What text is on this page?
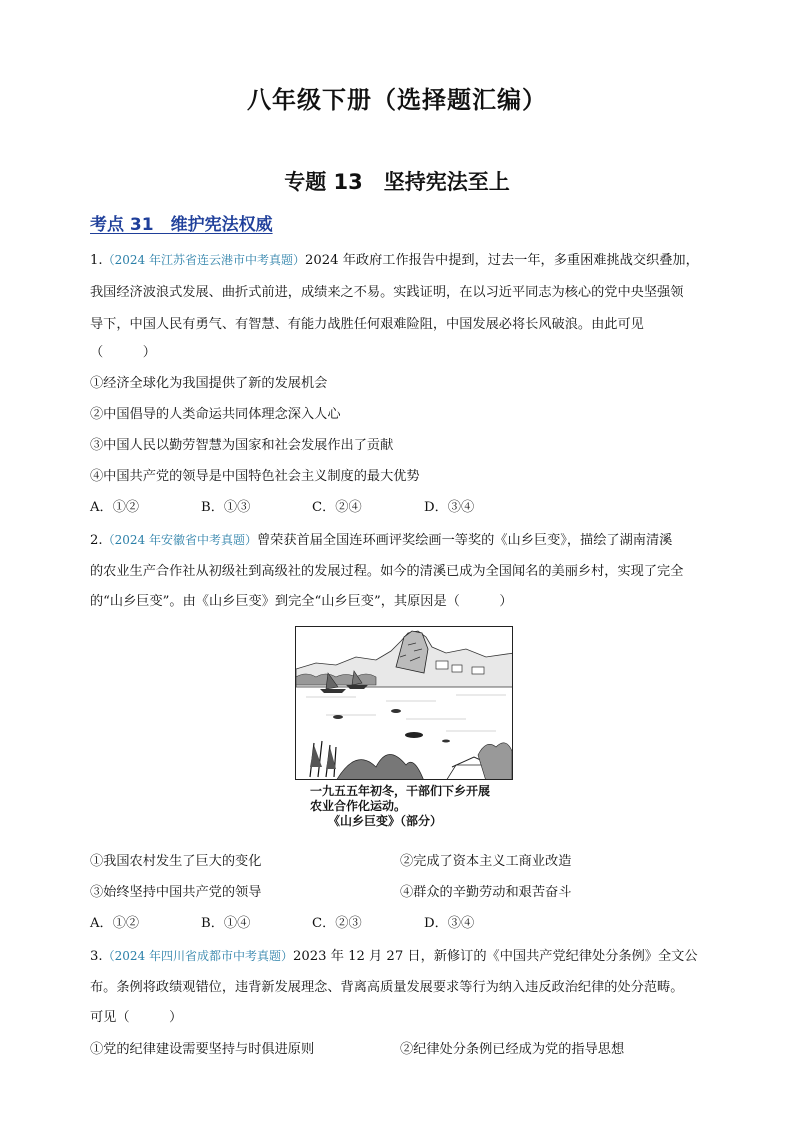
八年级下册（选择题汇编）
专题 13　坚持宪法至上
考点 31　维护宪法权威
1.（2024 年江苏省连云港市中考真题）2024 年政府工作报告中提到，过去一年，多重困难挑战交织叠加，
我国经济波浪式发展、曲折式前进，成绩来之不易。实践证明，在以习近平同志为核心的党中央坚强领
导下，中国人民有勇气、有智慧、有能力战胜任何艰难险阻，中国发展必将长风破浪。由此可见
（　　　）
①经济全球化为我国提供了新的发展机会
②中国倡导的人类命运共同体理念深入人心
③中国人民以勤劳智慧为国家和社会发展作出了贡献
④中国共产党的领导是中国特色社会主义制度的最大优势
A．①②	B．①③	C．②④	D．③④
2.（2024 年安徽省中考真题）曾荣获首届全国连环画评奖绘画一等奖的《山乡巨变》，描绘了湖南清溪
的农业生产合作社从初级社到高级社的发展过程。如今的清溪已成为全国闻名的美丽乡村，实现了完全
的“山乡巨变”。由《山乡巨变》到完全“山乡巨变”，其原因是（　　　）
一九五五年初冬，干部们下乡开展
农业合作化运动。
《山乡巨变》（部分）
①我国农村发生了巨大的变化	②完成了资本主义工商业改造
③始终坚持中国共产党的领导	④群众的辛勤劳动和艰苦奋斗
A．①②	B．①④	C．②③	D．③④
3.（2024 年四川省成都市中考真题）2023 年 12 月 27 日，新修订的《中国共产党纪律处分条例》全文公
布。条例将政绩观错位，违背新发展理念、背离高质量发展要求等行为纳入违反政治纪律的处分范畴。
可见（　　　）
①党的纪律建设需要坚持与时俱进原则	②纪律处分条例已经成为党的指导思想
